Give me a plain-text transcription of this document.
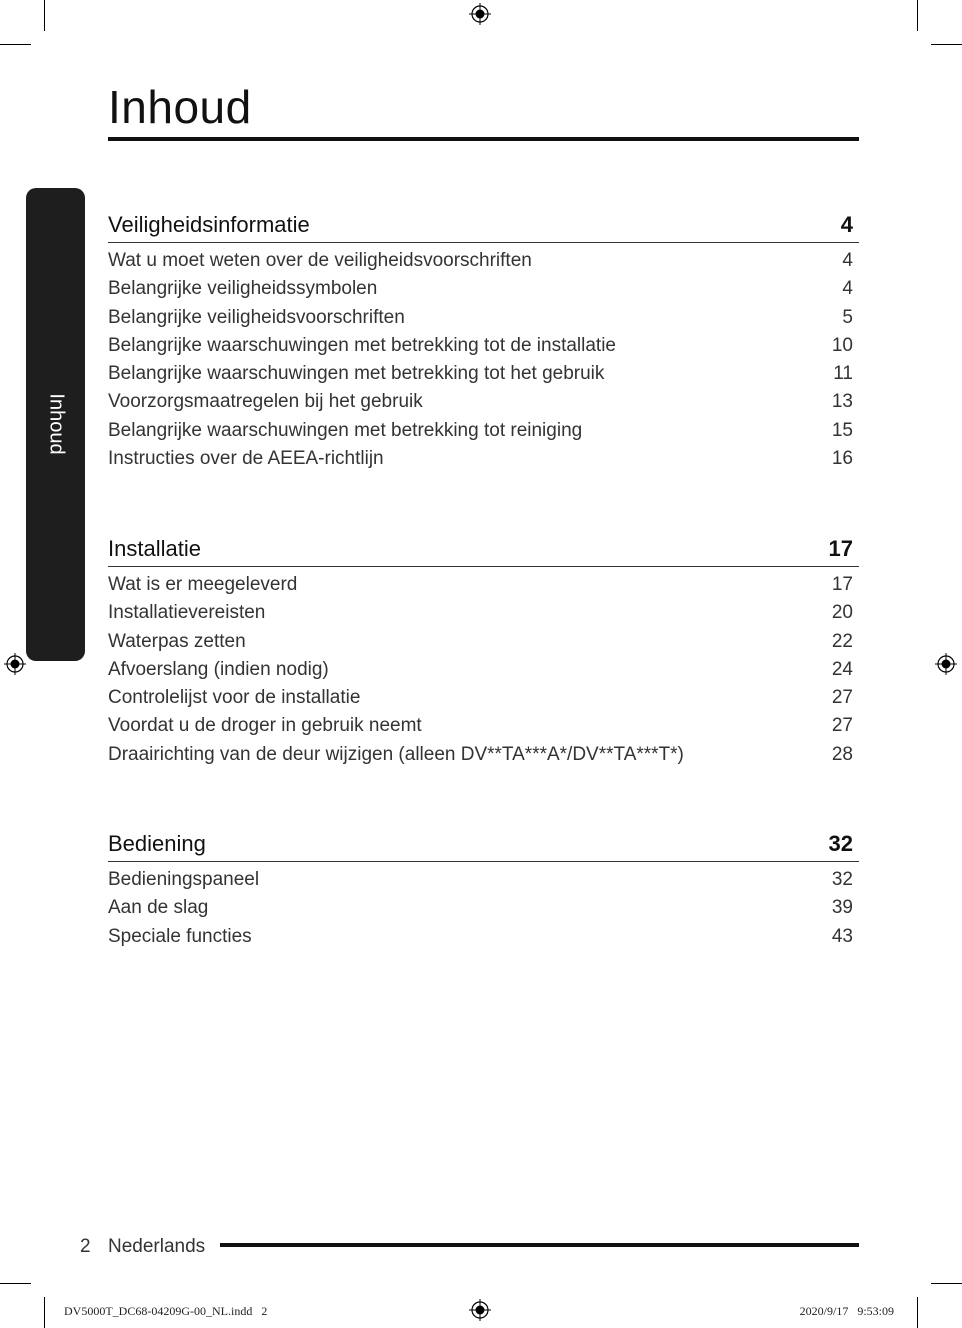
Inhoud
Inhoud
Veiligheidsinformatie	4
Wat u moet weten over de veiligheidsvoorschriften	4
Belangrijke veiligheidssymbolen	4
Belangrijke veiligheidsvoorschriften	5
Belangrijke waarschuwingen met betrekking tot de installatie	10
Belangrijke waarschuwingen met betrekking tot het gebruik	11
Voorzorgsmaatregelen bij het gebruik	13
Belangrijke waarschuwingen met betrekking tot reiniging	15
Instructies over de AEEA-richtlijn	16
Installatie	17
Wat is er meegeleverd	17
Installatievereisten	20
Waterpas zetten	22
Afvoerslang (indien nodig)	24
Controlelijst voor de installatie	27
Voordat u de droger in gebruik neemt	27
Draairichting van de deur wijzigen (alleen DV**TA***A*/DV**TA***T*)	28
Bediening	32
Bedieningspaneel	32
Aan de slag	39
Speciale functies	43
2 Nederlands
DV5000T_DC68-04209G-00_NL.indd   2	2020/9/17   9:53:09
